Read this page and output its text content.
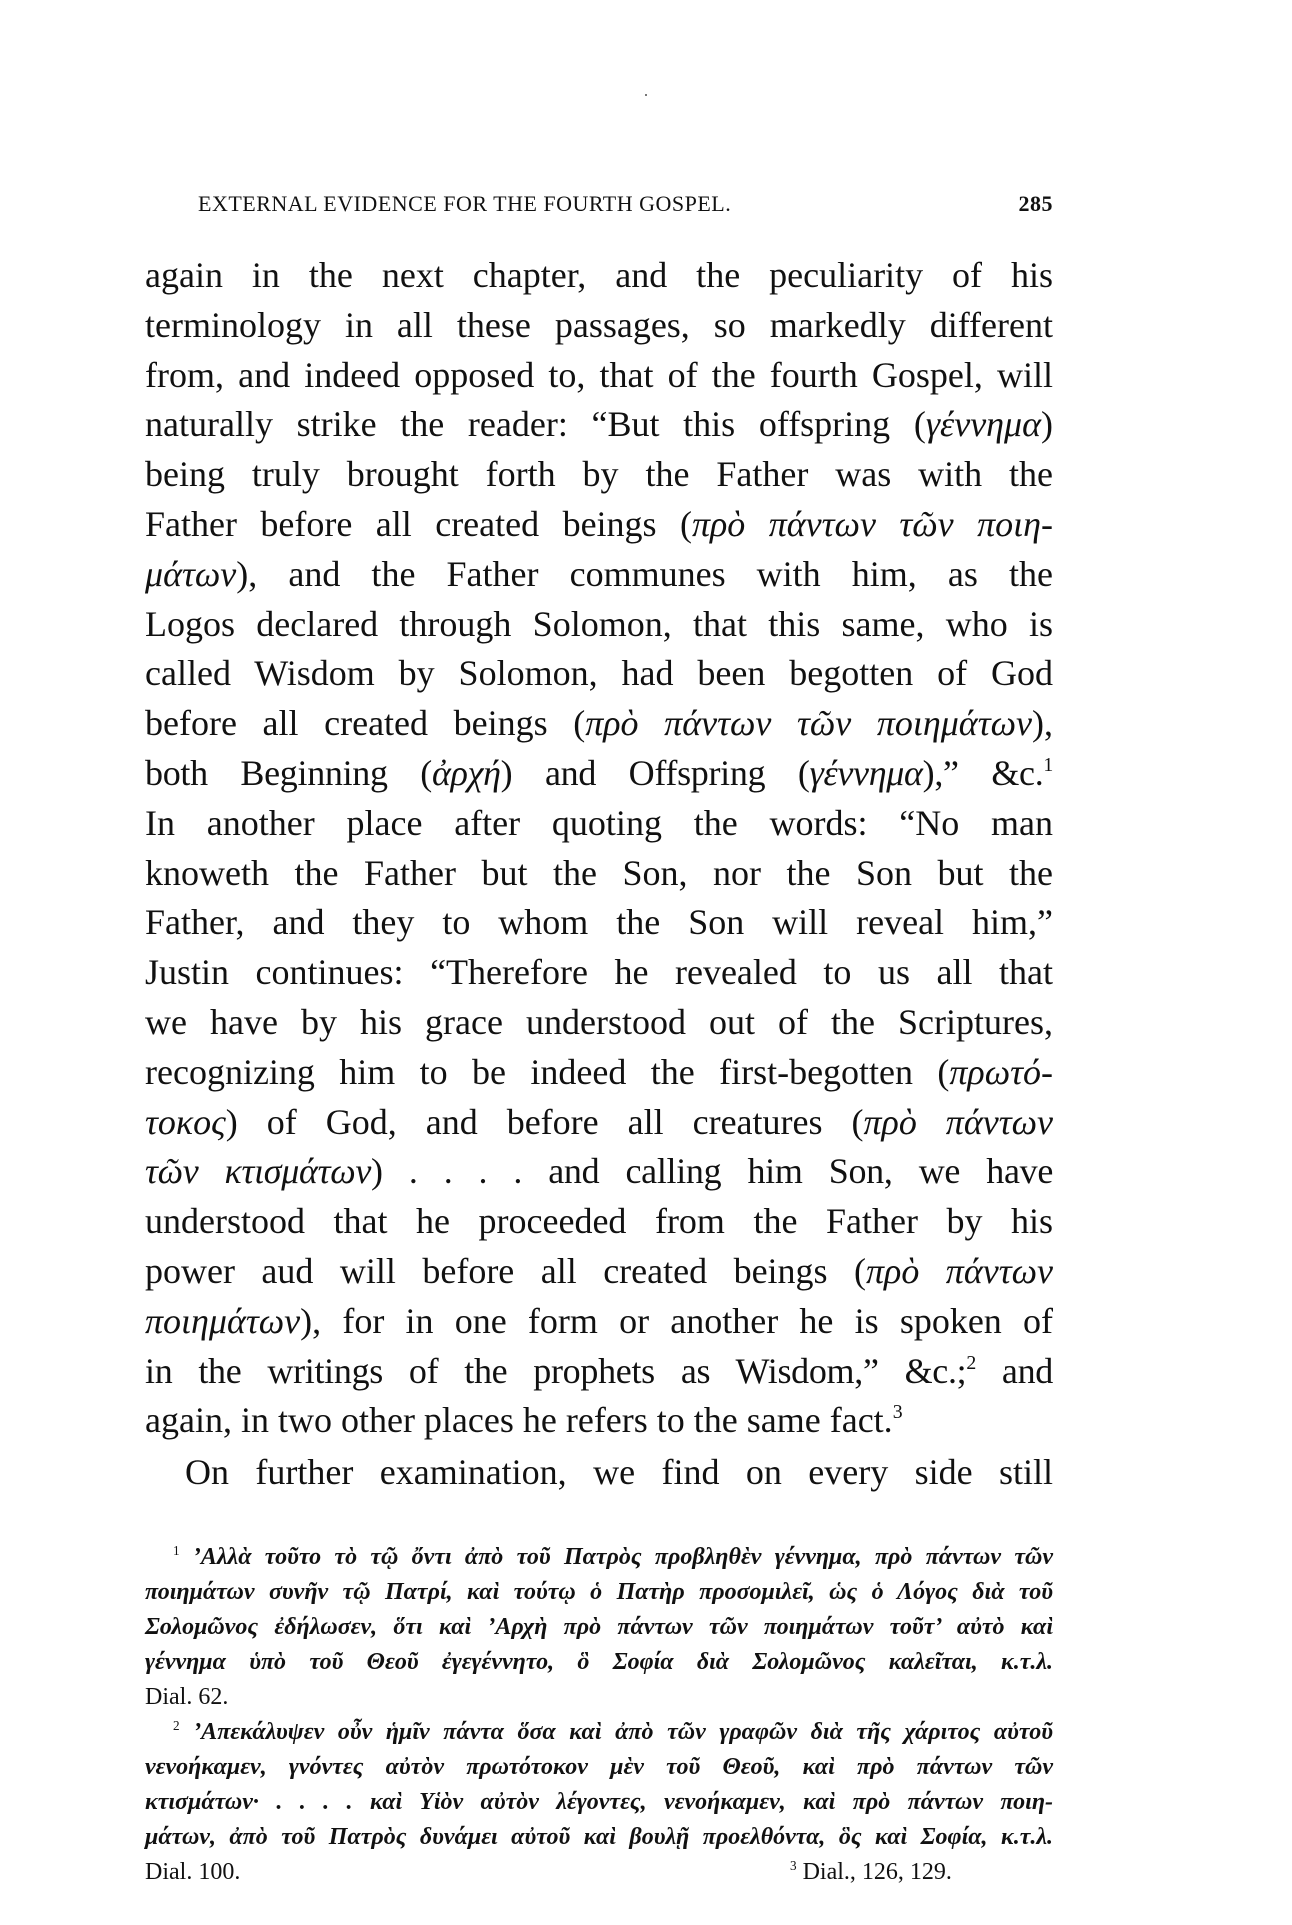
EXTERNAL EVIDENCE FOR THE FOURTH GOSPEL.	285
again in the next chapter, and the peculiarity of his
terminology in all these passages, so markedly different
from, and indeed opposed to, that of the fourth Gospel, will
naturally strike the reader: “But this offspring (γέννημα)
being truly brought forth by the Father was with the
Father before all created beings (πρὸ πάντων τῶν ποιη-
μάτων), and the Father communes with him, as the
Logos declared through Solomon, that this same, who is
called Wisdom by Solomon, had been begotten of God
before all created beings (πρὸ πάντων τῶν ποιημάτων),
both Beginning (ἀρχή) and Offspring (γέννημα),” &c.$^1$
In another place after quoting the words: “No man
knoweth the Father but the Son, nor the Son but the
Father, and they to whom the Son will reveal him,”
Justin continues: “Therefore he revealed to us all that
we have by his grace understood out of the Scriptures,
recognizing him to be indeed the first-begotten (πρωτό-
τοκος) of God, and before all creatures (πρὸ πάντων
τῶν κτισμάτων) . . . . and calling him Son, we have
understood that he proceeded from the Father by his
power aud will before all created beings (πρὸ πάντων
ποιημάτων), for in one form or another he is spoken of
in the writings of the prophets as Wisdom,” &c.;$^2$ and
again, in two other places he refers to the same fact.$^3$
On further examination, we find on every side still
$^1$ ’Αλλὰ τοῦτο τὸ τῷ ὄντι ἀπὸ τοῦ Πατρὸς προβληθὲν γέννημα, πρὸ πάντων τῶν
ποιημάτων συνῆν τῷ Πατρί, καὶ τούτῳ ὁ Πατὴρ προσομιλεῖ, ὡς ὁ Λόγος διὰ τοῦ
Σολομῶνος ἐδήλωσεν, ὅτι καὶ ’Αρχὴ πρὸ πάντων τῶν ποιημάτων τοῦτ’ αὐτὸ καὶ
γέννημα ὑπὸ τοῦ Θεοῦ ἐγεγέννητο, ὃ Σοφία διὰ Σολομῶνος καλεῖται, κ.τ.λ.
Dial. 62.
$^2$ ’Απεκάλυψεν οὖν ἡμῖν πάντα ὅσα καὶ ἀπὸ τῶν γραφῶν διὰ τῆς χάριτος αὐτοῦ
νενοήκαμεν, γνόντες αὐτὸν πρωτότοκον μὲν τοῦ Θεοῦ, καὶ πρὸ πάντων τῶν
κτισμάτων· . . . . καὶ Υἱὸν αὐτὸν λέγοντες, νενοήκαμεν, καὶ πρὸ πάντων ποιη-
μάτων, ἀπὸ τοῦ Πατρὸς δυνάμει αὐτοῦ καὶ βουλῇ προελθόντα, ὃς καὶ Σοφία, κ.τ.λ.
Dial. 100.	$^3$ Dial., 126, 129.
